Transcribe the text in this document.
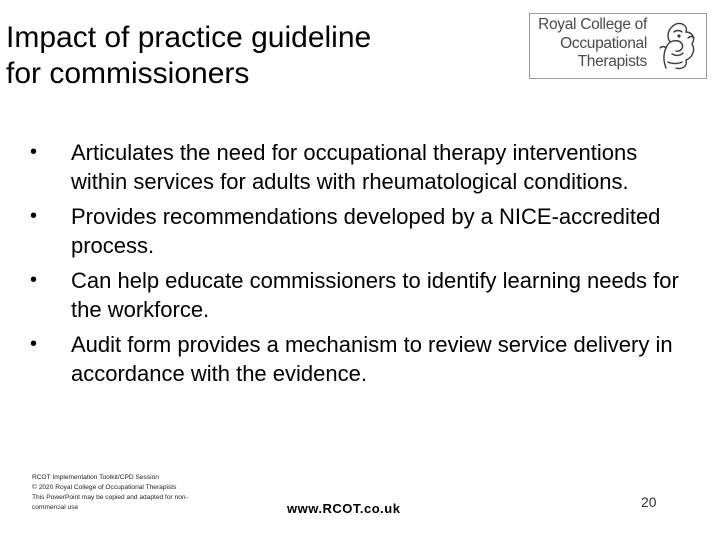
Impact of practice guideline
for commissioners
Royal College of
Occupational
Therapists
• Articulates the need for occupational therapy interventions within services for adults with rheumatological conditions.
• Provides recommendations developed by a NICE-accredited process.
• Can help educate commissioners to identify learning needs for the workforce.
• Audit form provides a mechanism to review service delivery in accordance with the evidence.
RCOT Implementation Toolkit/CPD Session
© 2020 Royal College of Occupational Therapists
This PowerPoint may be copied and adapted for non-
commercial use	www.RCOT.co.uk	20
